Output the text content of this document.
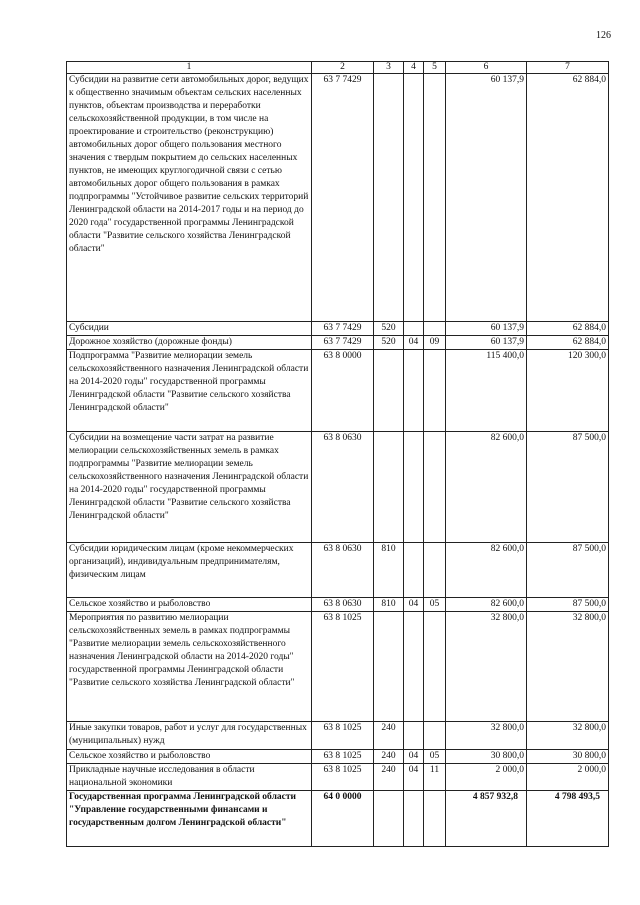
126
1	2	3	4	5	6	7
Субсидии на развитие сети автомобильных дорог, ведущих к общественно значимым объектам сельских населенных пунктов, объектам производства и переработки сельскохозяйственной продукции, в том числе на проектирование и строительство (реконструкцию) автомобильных дорог общего пользования местного значения с твердым покрытием до сельских населенных пунктов, не имеющих круглогодичной связи с сетью автомобильных дорог общего пользования в рамках подпрограммы "Устойчивое развитие сельских территорий Ленинградской области на 2014-2017 годы и на период до 2020 года" государственной программы Ленинградской области "Развитие сельского хозяйства Ленинградской области"	63 7 7429				60 137,9	62 884,0
Субсидии	63 7 7429	520			60 137,9	62 884,0
Дорожное хозяйство (дорожные фонды)	63 7 7429	520	04	09	60 137,9	62 884,0
Подпрограмма "Развитие мелиорации земель сельскохозяйственного назначения Ленинградской области на 2014-2020 годы" государственной программы Ленинградской области "Развитие сельского хозяйства Ленинградской области"	63 8 0000				115 400,0	120 300,0
Субсидии на возмещение части затрат на развитие мелиорации сельскохозяйственных земель в рамках подпрограммы "Развитие мелиорации земель сельскохозяйственного назначения Ленинградской области на 2014-2020 годы" государственной программы Ленинградской области "Развитие сельского хозяйства Ленинградской области"	63 8 0630				82 600,0	87 500,0
Субсидии юридическим лицам (кроме некоммерческих организаций), индивидуальным предпринимателям, физическим лицам	63 8 0630	810			82 600,0	87 500,0
Сельское хозяйство и рыболовство	63 8 0630	810	04	05	82 600,0	87 500,0
Мероприятия по развитию мелиорации сельскохозяйственных земель в рамках подпрограммы "Развитие мелиорации земель сельскохозяйственного назначения Ленинградской области на 2014-2020 годы" государственной программы Ленинградской области "Развитие сельского хозяйства Ленинградской области"	63 8 1025				32 800,0	32 800,0
Иные закупки товаров, работ и услуг для государственных (муниципальных) нужд	63 8 1025	240			32 800,0	32 800,0
Сельское хозяйство и рыболовство	63 8 1025	240	04	05	30 800,0	30 800,0
Прикладные научные исследования в области национальной экономики	63 8 1025	240	04	11	2 000,0	2 000,0
Государственная программа Ленинградской области "Управление государственными финансами и государственным долгом Ленинградской области"	64 0 0000				4 857 932,8	4 798 493,5
